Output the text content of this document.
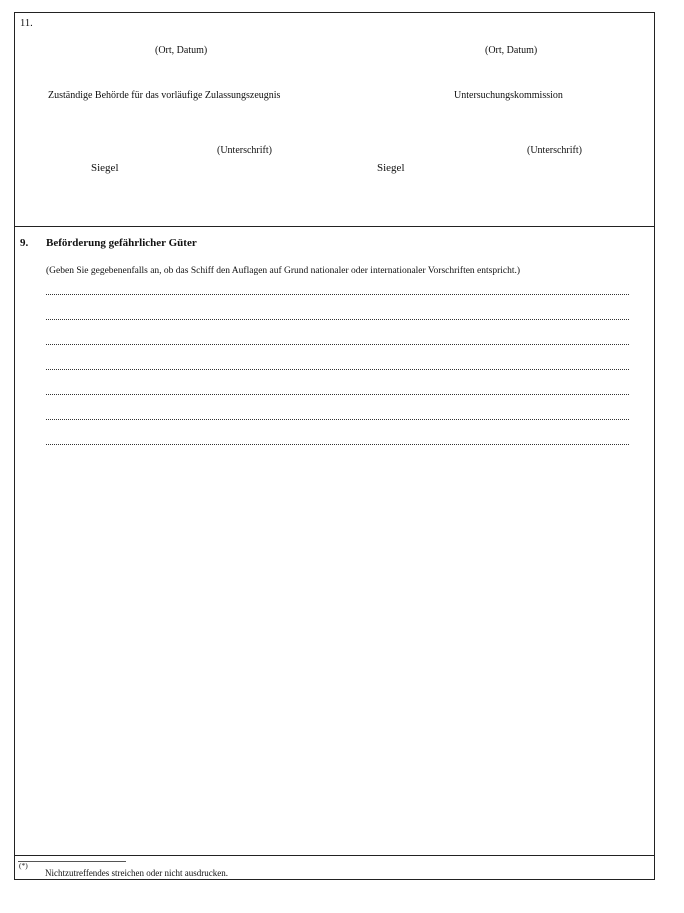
11.
(Ort, Datum)	(Ort, Datum)
Zuständige Behörde für das vorläufige Zulassungszeugnis	Untersuchungskommission
(Unterschrift)	(Unterschrift)
Siegel	Siegel
9. Beförderung gefährlicher Güter
(Geben Sie gegebenenfalls an, ob das Schiff den Auflagen auf Grund nationaler oder internationaler Vorschriften entspricht.)
(*)
Nichtzutreffendes streichen oder nicht ausdrucken.
